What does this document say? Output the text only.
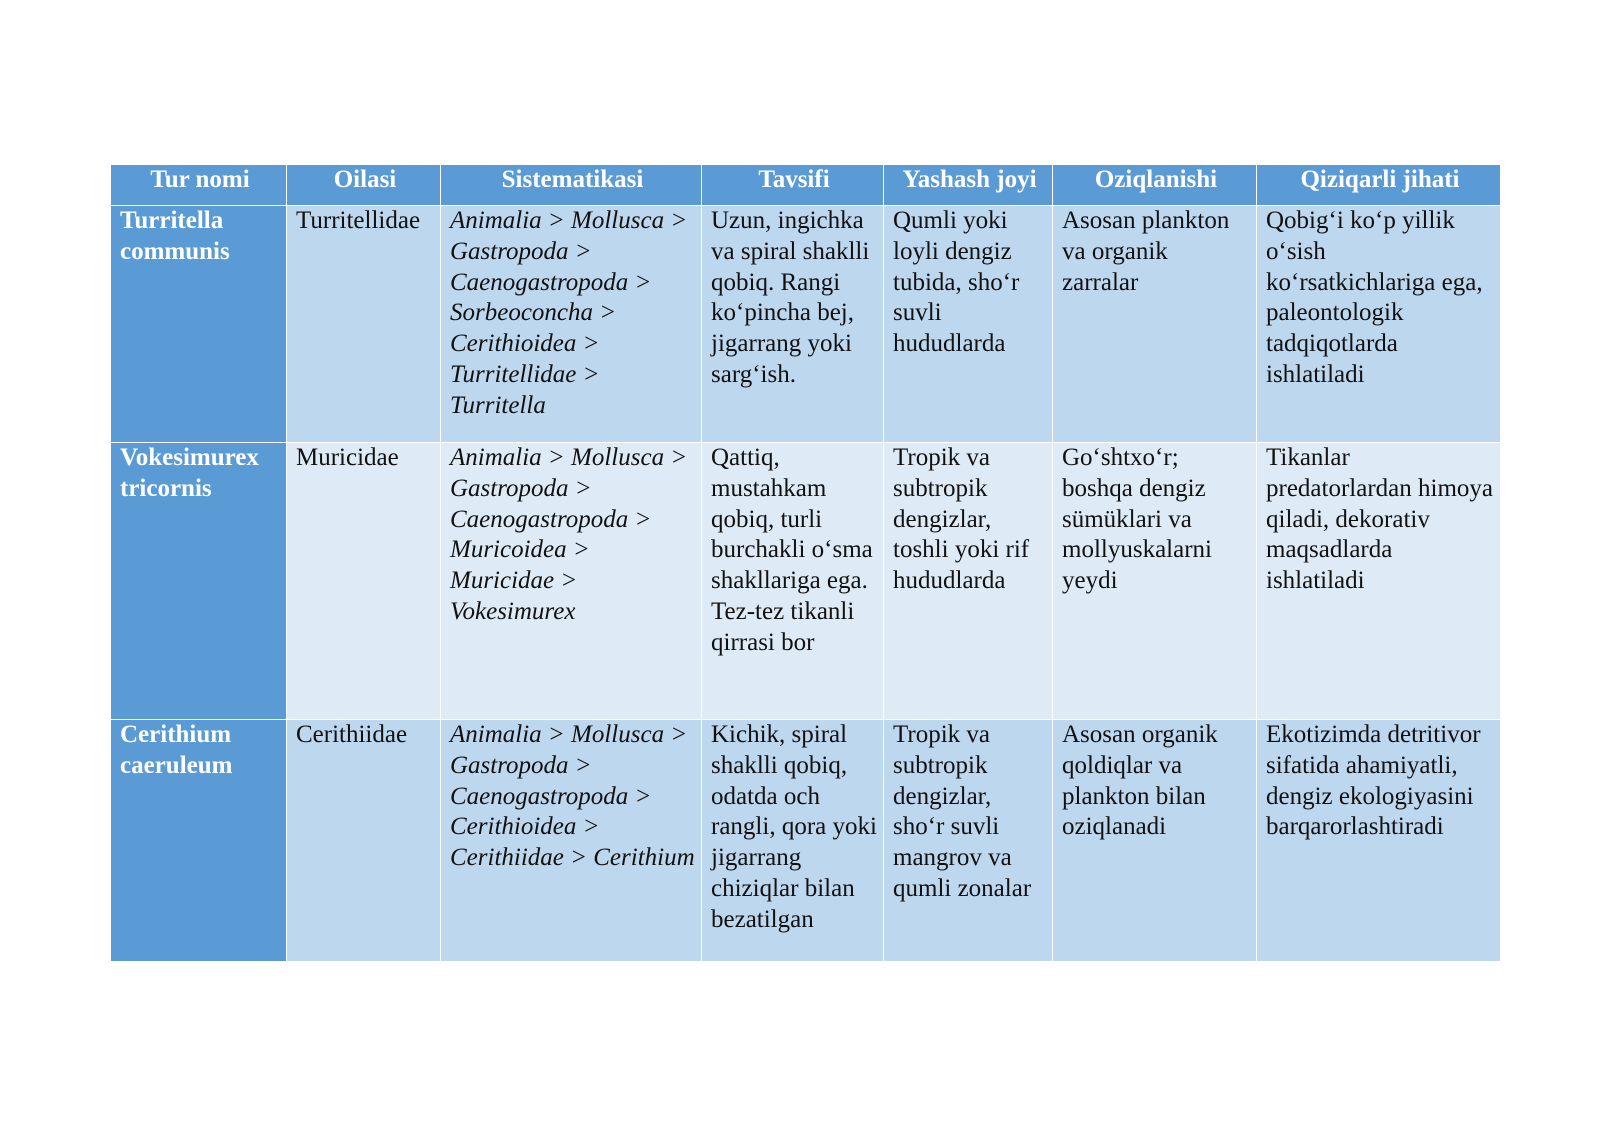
Tur nomi	Oilasi	Sistematikasi	Tavsifi	Yashash joyi	Oziqlanishi	Qiziqarli jihati
Turritella communis	Turritellidae	Animalia > Mollusca > Gastropoda > Caenogastropoda > Sorbeoconcha > Cerithioidea > Turritellidae > Turritella	Uzun, ingichka va spiral shaklli qobiq. Rangi ko‘pincha bej, jigarrang yoki sarg‘ish.	Qumli yoki loyli dengiz tubida, sho‘r suvli hududlarda	Asosan plankton va organik zarralar	Qobig‘i ko‘p yillik o‘sish ko‘rsatkichlariga ega, paleontologik tadqiqotlarda ishlatiladi
Vokesimurex tricornis	Muricidae	Animalia > Mollusca > Gastropoda > Caenogastropoda > Muricoidea > Muricidae > Vokesimurex	Qattiq, mustahkam qobiq, turli burchakli o‘sma shakllariga ega. Tez-tez tikanli qirrasi bor	Tropik va subtropik dengizlar, toshli yoki rif hududlarda	Go‘shtxo‘r; boshqa dengiz sümüklari va mollyuskalarni yeydi	Tikanlar predatorlardan himoya qiladi, dekorativ maqsadlarda ishlatiladi
Cerithium caeruleum	Cerithiidae	Animalia > Mollusca > Gastropoda > Caenogastropoda > Cerithioidea > Cerithiidae > Cerithium	Kichik, spiral shaklli qobiq, odatda och rangli, qora yoki jigarrang chiziqlar bilan bezatilgan	Tropik va subtropik dengizlar, sho‘r suvli mangrov va qumli zonalar	Asosan organik qoldiqlar va plankton bilan oziqlanadi	Ekotizimda detritivor sifatida ahamiyatli, dengiz ekologiyasini barqarorlashtiradi
